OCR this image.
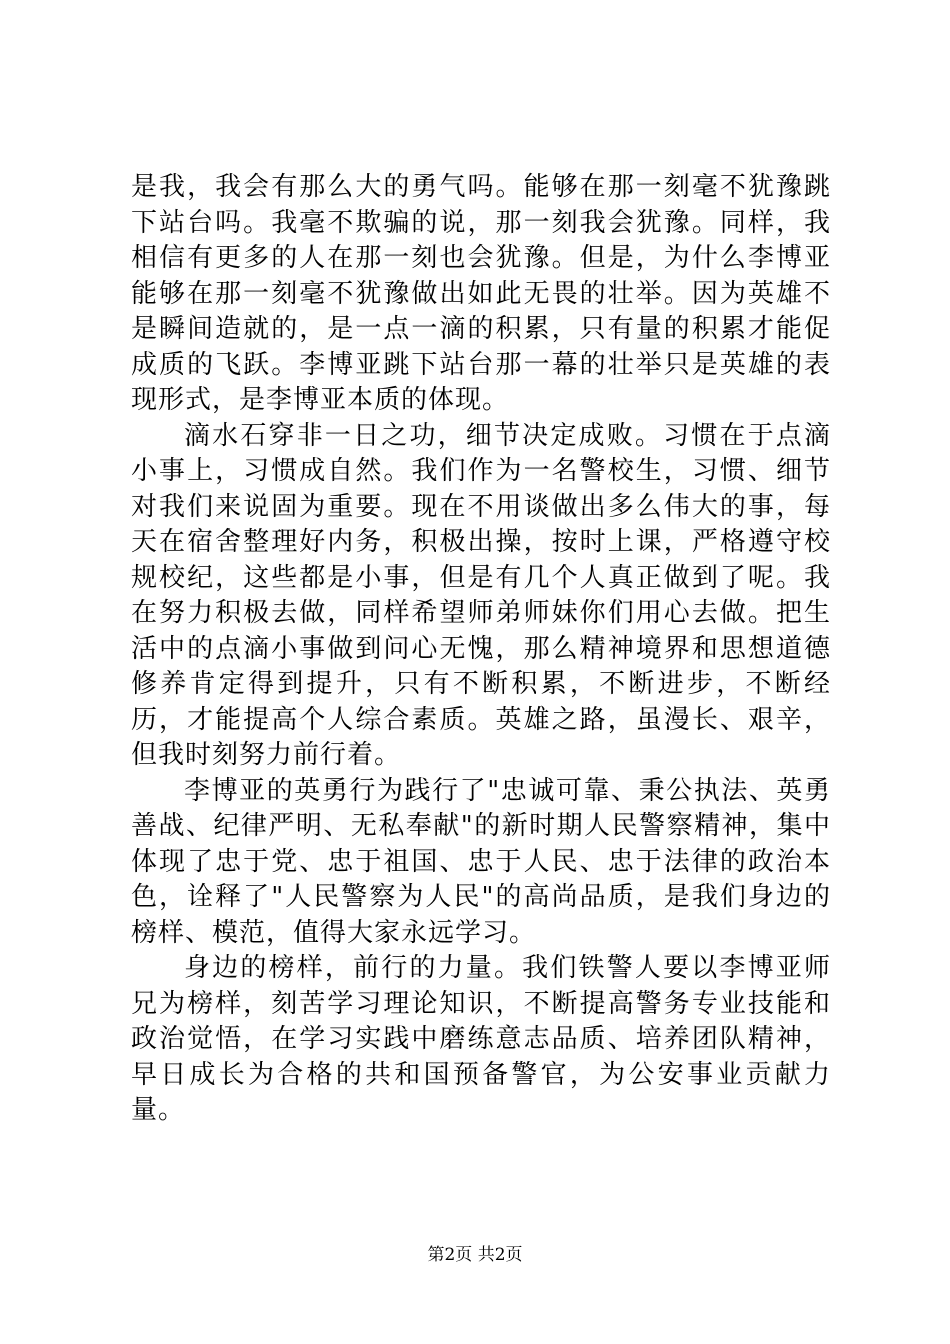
是我，我会有那么大的勇气吗。能够在那一刻毫不犹豫跳下站台吗。我毫不欺骗的说，那一刻我会犹豫。同样，我相信有更多的人在那一刻也会犹豫。但是，为什么李博亚能够在那一刻毫不犹豫做出如此无畏的壮举。因为英雄不是瞬间造就的，是一点一滴的积累，只有量的积累才能促成质的飞跃。李博亚跳下站台那一幕的壮举只是英雄的表现形式，是李博亚本质的体现。

滴水石穿非一日之功，细节决定成败。习惯在于点滴小事上，习惯成自然。我们作为一名警校生，习惯、细节对我们来说固为重要。现在不用谈做出多么伟大的事，每天在宿舍整理好内务，积极出操，按时上课，严格遵守校规校纪，这些都是小事，但是有几个人真正做到了呢。我在努力积极去做，同样希望师弟师妹你们用心去做。把生活中的点滴小事做到问心无愧，那么精神境界和思想道德修养肯定得到提升，只有不断积累，不断进步，不断经历，才能提高个人综合素质。英雄之路，虽漫长、艰辛，但我时刻努力前行着。

李博亚的英勇行为践行了"忠诚可靠、秉公执法、英勇善战、纪律严明、无私奉献"的新时期人民警察精神，集中体现了忠于党、忠于祖国、忠于人民、忠于法律的政治本色，诠释了"人民警察为人民"的高尚品质，是我们身边的榜样、模范，值得大家永远学习。

身边的榜样，前行的力量。我们铁警人要以李博亚师兄为榜样，刻苦学习理论知识，不断提高警务专业技能和政治觉悟，在学习实践中磨练意志品质、培养团队精神，早日成长为合格的共和国预备警官，为公安事业贡献力量。

第2页 共2页
